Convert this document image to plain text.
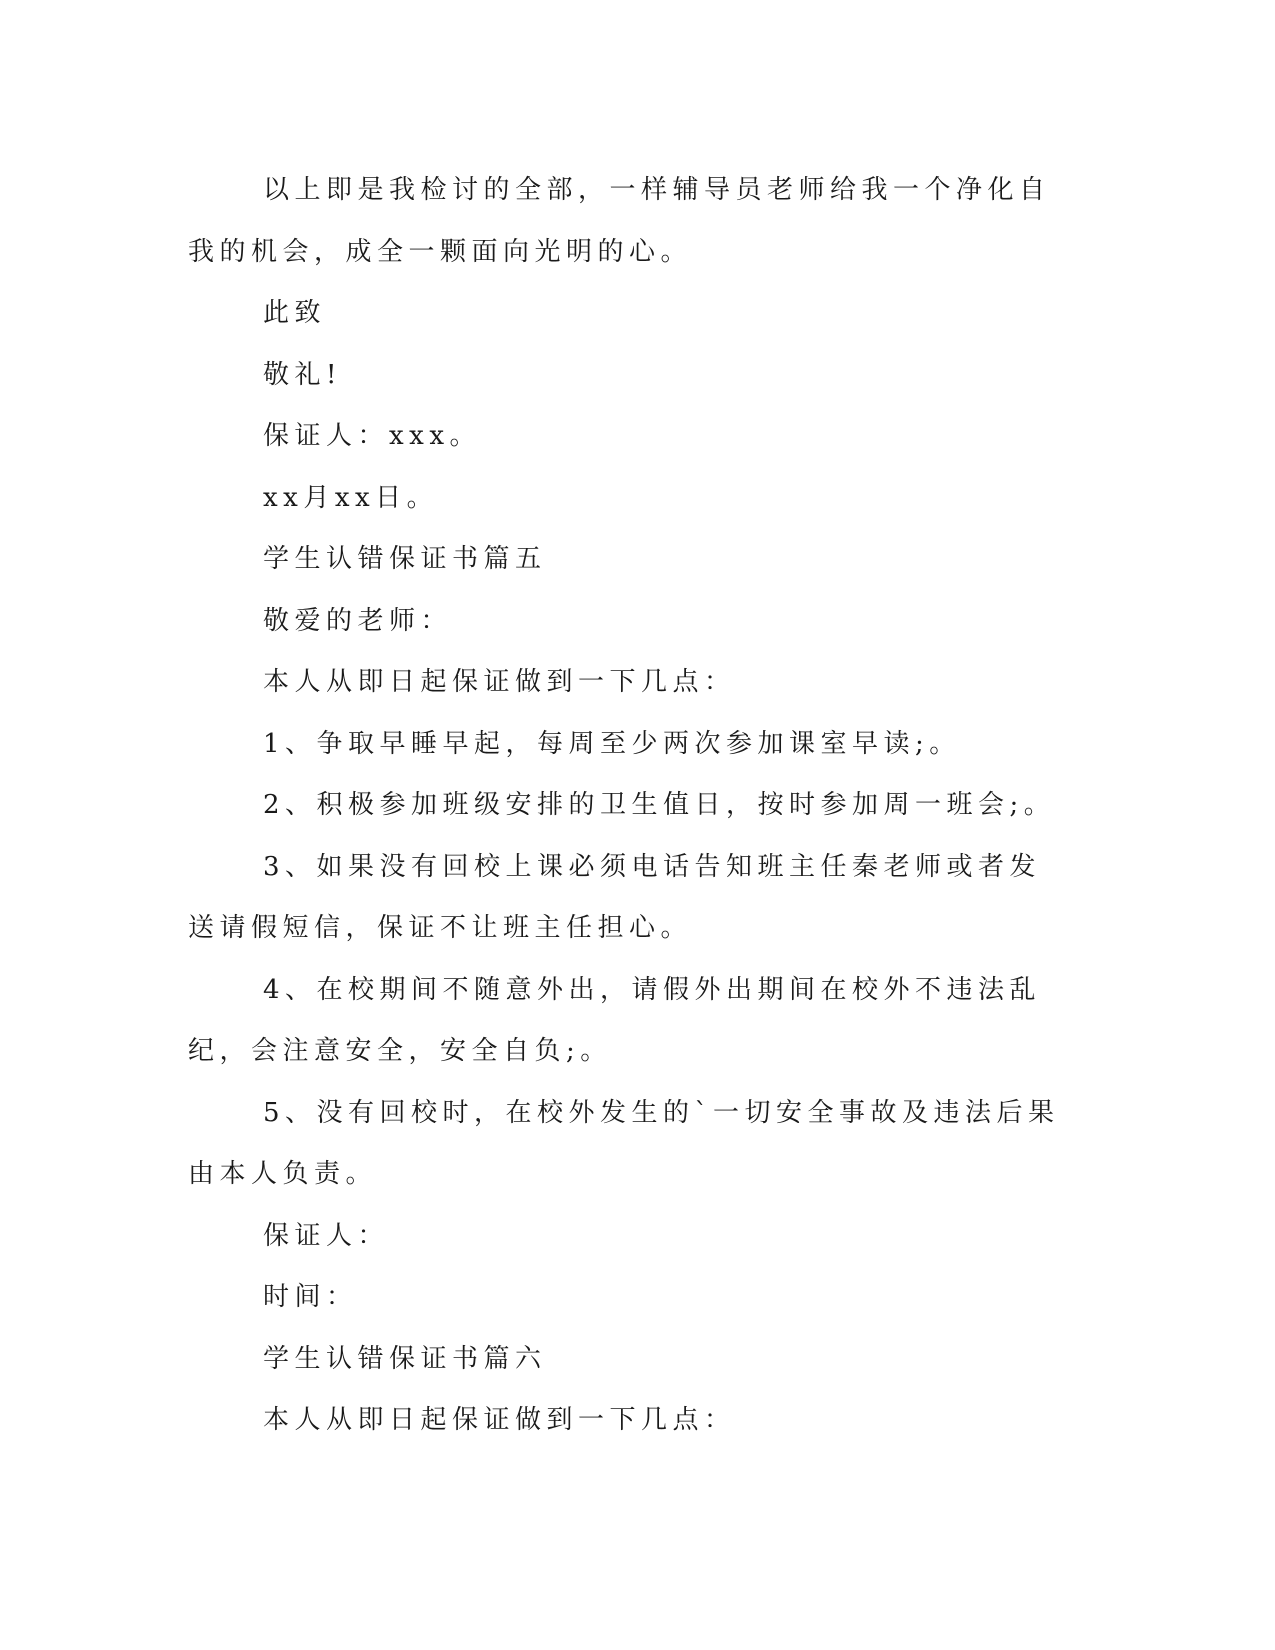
以上即是我检讨的全部，一样辅导员老师给我一个净化自我的机会，成全一颗面向光明的心。

此致

敬礼!

保证人：xxx。

xx月xx日。

学生认错保证书篇五

敬爱的老师：

本人从即日起保证做到一下几点：

1、争取早睡早起，每周至少两次参加课室早读;。

2、积极参加班级安排的卫生值日，按时参加周一班会;。

3、如果没有回校上课必须电话告知班主任秦老师或者发送请假短信，保证不让班主任担心。

4、在校期间不随意外出，请假外出期间在校外不违法乱纪，会注意安全，安全自负;。

5、没有回校时，在校外发生的`一切安全事故及违法后果由本人负责。

保证人：

时间：

学生认错保证书篇六

本人从即日起保证做到一下几点：
